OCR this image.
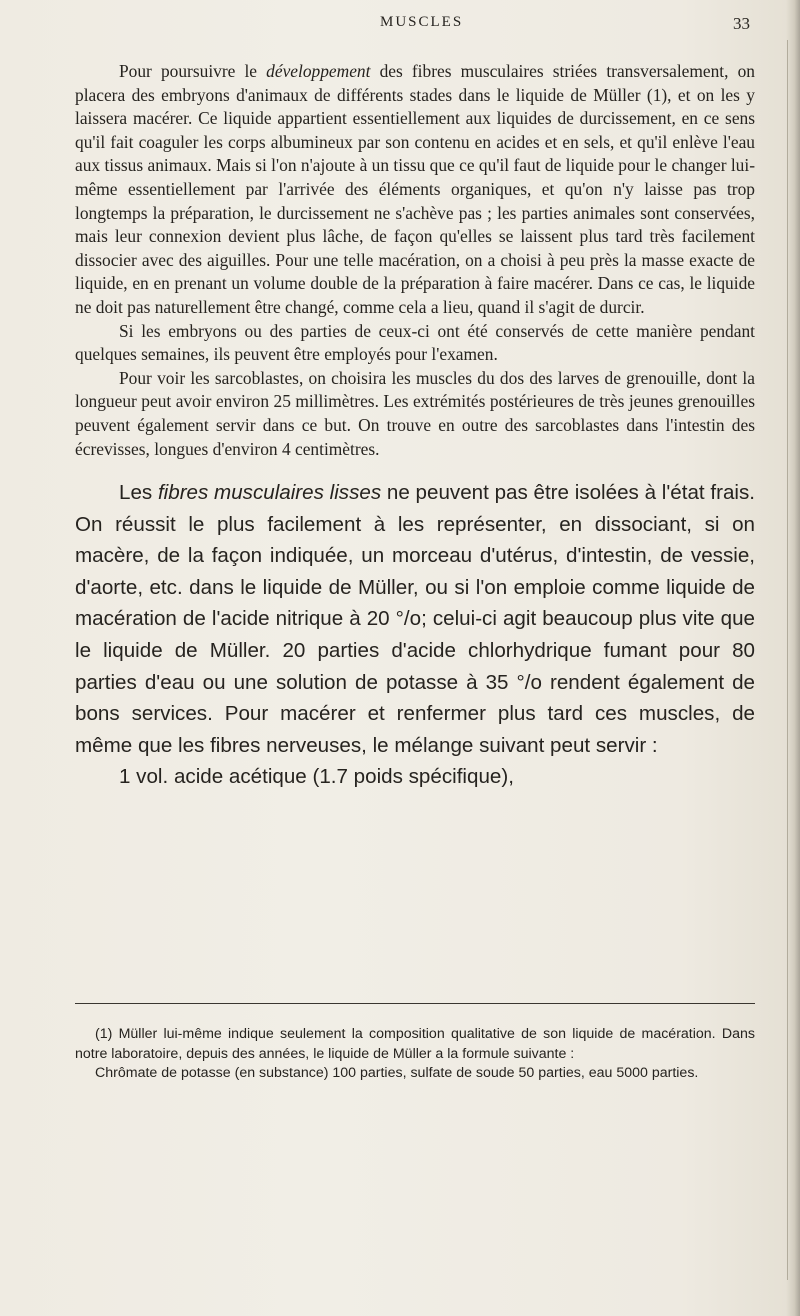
MUSCLES	33

Pour poursuivre le développement des fibres musculaires striées transversalement, on placera des embryons d'animaux de différents stades dans le liquide de Müller (1), et on les y laissera macérer. Ce liquide appartient essentiellement aux liquides de durcissement, en ce sens qu'il fait coaguler les corps albumineux par son contenu en acides et en sels, et qu'il enlève l'eau aux tissus animaux. Mais si l'on n'ajoute à un tissu que ce qu'il faut de liquide pour le changer lui-même essentiellement par l'arrivée des éléments organiques, et qu'on n'y laisse pas trop longtemps la préparation, le durcissement ne s'achève pas ; les parties animales sont conservées, mais leur connexion devient plus lâche, de façon qu'elles se laissent plus tard très facilement dissocier avec des aiguilles. Pour une telle macération, on a choisi à peu près la masse exacte de liquide, en en prenant un volume double de la préparation à faire macérer. Dans ce cas, le liquide ne doit pas naturellement être changé, comme cela a lieu, quand il s'agit de durcir.

Si les embryons ou des parties de ceux-ci ont été conservés de cette manière pendant quelques semaines, ils peuvent être employés pour l'examen.

Pour voir les sarcoblastes, on choisira les muscles du dos des larves de grenouille, dont la longueur peut avoir environ 25 millimètres. Les extrémités postérieures de très jeunes grenouilles peuvent également servir dans ce but. On trouve en outre des sarcoblastes dans l'intestin des écrevisses, longues d'environ 4 centimètres.

Les fibres musculaires lisses ne peuvent pas être isolées à l'état frais. On réussit le plus facilement à les représenter, en dissociant, si on macère, de la façon indiquée, un morceau d'utérus, d'intestin, de vessie, d'aorte, etc. dans le liquide de Müller, ou si l'on emploie comme liquide de macération de l'acide nitrique à 20 °/o; celui-ci agit beaucoup plus vite que le liquide de Müller. 20 parties d'acide chlorhydrique fumant pour 80 parties d'eau ou une solution de potasse à 35 °/o rendent également de bons services. Pour macérer et renfermer plus tard ces muscles, de même que les fibres nerveuses, le mélange suivant peut servir :

1 vol. acide acétique (1.7 poids spécifique),

(1) Müller lui-même indique seulement la composition qualitative de son liquide de macération. Dans notre laboratoire, depuis des années, le liquide de Müller a la formule suivante :

Chrômate de potasse (en substance) 100 parties, sulfate de soude 50 parties, eau 5000 parties.
